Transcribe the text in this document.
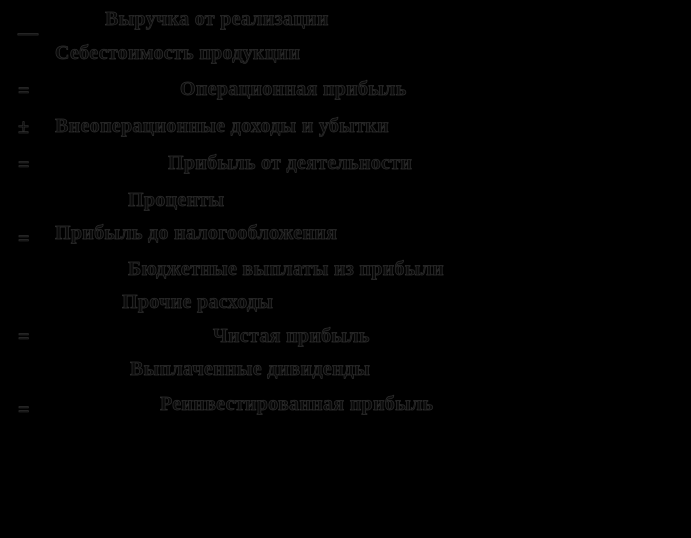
—
=
±
=
=
=
=
Выручка от реализации
Себестоимость продукции
Операционная прибыль
Внеоперационные доходы и убытки
Прибыль от деятельности
Проценты
Прибыль до налогообложения
Бюджетные выплаты из прибыли
Прочие расходы
Чистая прибыль
Выплаченные дивиденды
Реинвестированная прибыль
